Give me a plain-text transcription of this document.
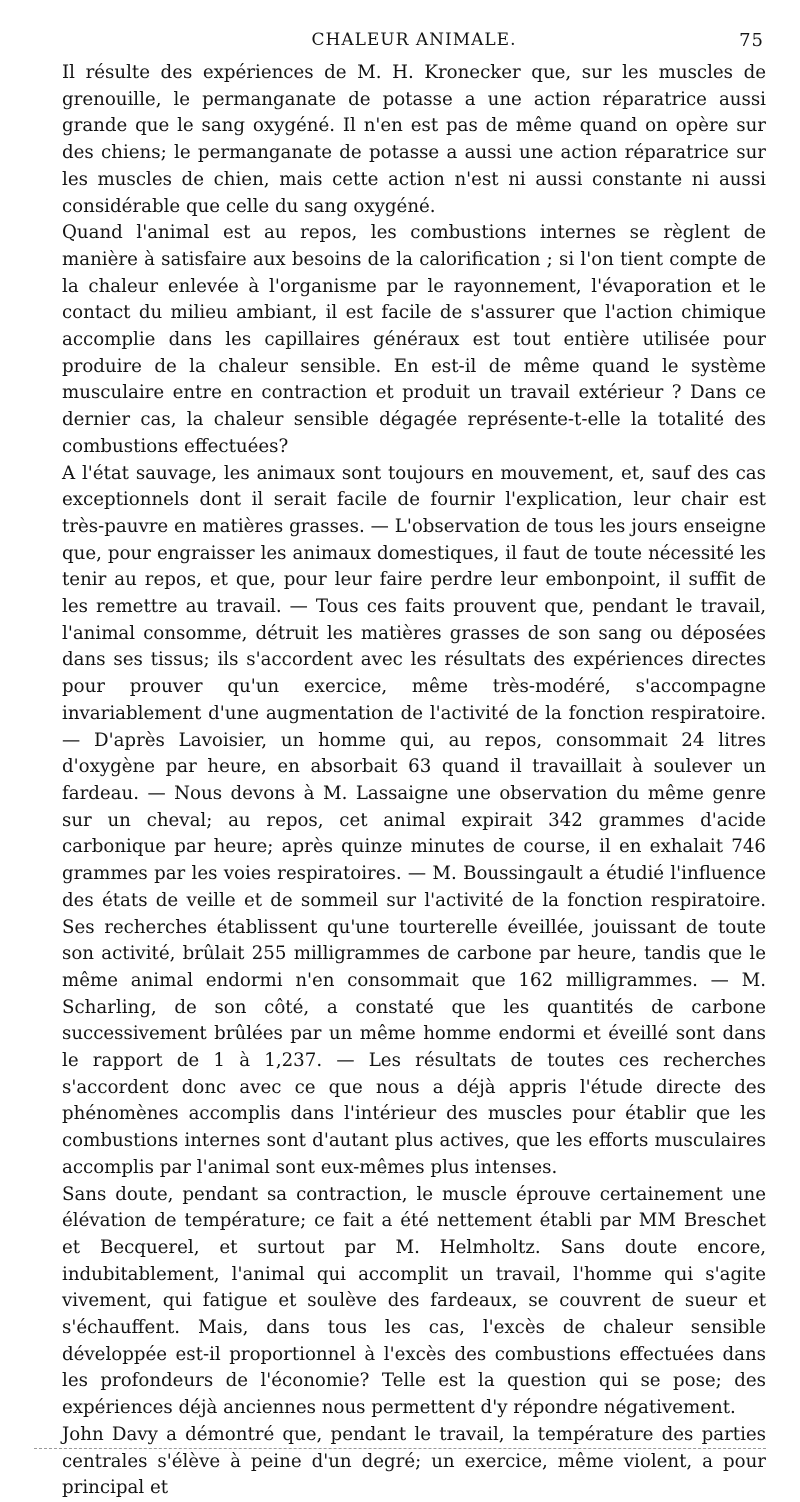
CHALEUR ANIMALE.	75

Il résulte des expériences de M. H. Kronecker que, sur les muscles de grenouille, le permanganate de potasse a une action réparatrice aussi grande que le sang oxygéné. Il n'en est pas de même quand on opère sur des chiens; le permanganate de potasse a aussi une action réparatrice sur les muscles de chien, mais cette action n'est ni aussi constante ni aussi considérable que celle du sang oxygéné.

Quand l'animal est au repos, les combustions internes se règlent de manière à satisfaire aux besoins de la calorification ; si l'on tient compte de la chaleur enlevée à l'organisme par le rayonnement, l'évaporation et le contact du milieu ambiant, il est facile de s'assurer que l'action chimique accomplie dans les capillaires généraux est tout entière utilisée pour produire de la chaleur sensible. En est-il de même quand le système musculaire entre en contraction et produit un travail extérieur ? Dans ce dernier cas, la chaleur sensible dégagée représente-t-elle la totalité des combustions effectuées?

A l'état sauvage, les animaux sont toujours en mouvement, et, sauf des cas exceptionnels dont il serait facile de fournir l'explication, leur chair est très-pauvre en matières grasses. — L'observation de tous les jours enseigne que, pour engraisser les animaux domestiques, il faut de toute nécessité les tenir au repos, et que, pour leur faire perdre leur embonpoint, il suffit de les remettre au travail. — Tous ces faits prouvent que, pendant le travail, l'animal consomme, détruit les matières grasses de son sang ou déposées dans ses tissus; ils s'accordent avec les résultats des expériences directes pour prouver qu'un exercice, même très-modéré, s'accompagne invariablement d'une augmentation de l'activité de la fonction respiratoire. — D'après Lavoisier, un homme qui, au repos, consommait 24 litres d'oxygène par heure, en absorbait 63 quand il travaillait à soulever un fardeau. — Nous devons à M. Lassaigne une observation du même genre sur un cheval; au repos, cet animal expirait 342 grammes d'acide carbonique par heure; après quinze minutes de course, il en exhalait 746 grammes par les voies respiratoires. — M. Boussingault a étudié l'influence des états de veille et de sommeil sur l'activité de la fonction respiratoire. Ses recherches établissent qu'une tourterelle éveillée, jouissant de toute son activité, brûlait 255 milligrammes de carbone par heure, tandis que le même animal endormi n'en consommait que 162 milligrammes. — M. Scharling, de son côté, a constaté que les quantités de carbone successivement brûlées par un même homme endormi et éveillé sont dans le rapport de 1 à 1,237. — Les résultats de toutes ces recherches s'accordent donc avec ce que nous a déjà appris l'étude directe des phénomènes accomplis dans l'intérieur des muscles pour établir que les combustions internes sont d'autant plus actives, que les efforts musculaires accomplis par l'animal sont eux-mêmes plus intenses.

Sans doute, pendant sa contraction, le muscle éprouve certainement une élévation de température; ce fait a été nettement établi par MM Breschet et Becquerel, et surtout par M. Helmholtz. Sans doute encore, indubitablement, l'animal qui accomplit un travail, l'homme qui s'agite vivement, qui fatigue et soulève des fardeaux, se couvrent de sueur et s'échauffent. Mais, dans tous les cas, l'excès de chaleur sensible développée est-il proportionnel à l'excès des combustions effectuées dans les profondeurs de l'économie? Telle est la question qui se pose; des expériences déjà anciennes nous permettent d'y répondre négativement.

John Davy a démontré que, pendant le travail, la température des parties centrales s'élève à peine d'un degré; un exercice, même violent, a pour principal et
